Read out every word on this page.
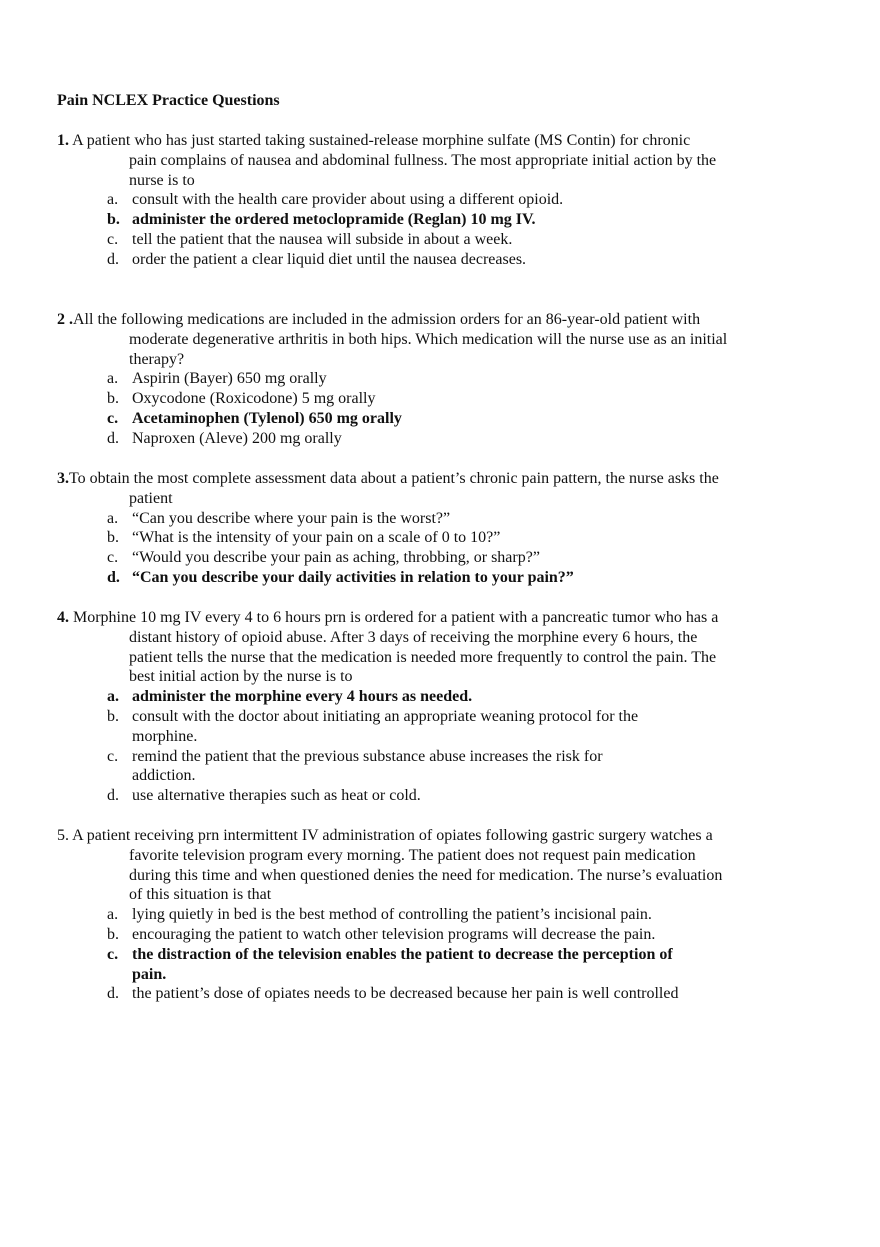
Pain NCLEX Practice Questions
1. A patient who has just started taking sustained-release morphine sulfate (MS Contin) for chronic
pain complains of nausea and abdominal fullness. The most appropriate initial action by the
nurse is to
a. consult with the health care provider about using a different opioid.
b. administer the ordered metoclopramide (Reglan) 10 mg IV.
c. tell the patient that the nausea will subside in about a week.
d. order the patient a clear liquid diet until the nausea decreases.
2 .All the following medications are included in the admission orders for an 86-year-old patient with
moderate degenerative arthritis in both hips. Which medication will the nurse use as an initial
therapy?
a. Aspirin (Bayer) 650 mg orally
b. Oxycodone (Roxicodone) 5 mg orally
c. Acetaminophen (Tylenol) 650 mg orally
d. Naproxen (Aleve) 200 mg orally
3.To obtain the most complete assessment data about a patient’s chronic pain pattern, the nurse asks the
patient
a. “Can you describe where your pain is the worst?”
b. “What is the intensity of your pain on a scale of 0 to 10?”
c. “Would you describe your pain as aching, throbbing, or sharp?”
d. “Can you describe your daily activities in relation to your pain?”
4. Morphine 10 mg IV every 4 to 6 hours prn is ordered for a patient with a pancreatic tumor who has a
distant history of opioid abuse. After 3 days of receiving the morphine every 6 hours, the
patient tells the nurse that the medication is needed more frequently to control the pain. The
best initial action by the nurse is to
a. administer the morphine every 4 hours as needed.
b. consult with the doctor about initiating an appropriate weaning protocol for the
morphine.
c. remind the patient that the previous substance abuse increases the risk for
addiction.
d. use alternative therapies such as heat or cold.
5. A patient receiving prn intermittent IV administration of opiates following gastric surgery watches a
favorite television program every morning. The patient does not request pain medication
during this time and when questioned denies the need for medication. The nurse’s evaluation
of this situation is that
a. lying quietly in bed is the best method of controlling the patient’s incisional pain.
b. encouraging the patient to watch other television programs will decrease the pain.
c. the distraction of the television enables the patient to decrease the perception of
pain.
d. the patient’s dose of opiates needs to be decreased because her pain is well controlled
